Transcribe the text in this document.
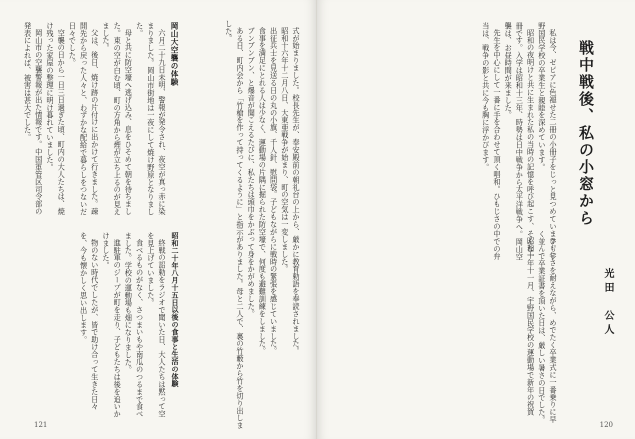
式が始まりました。校長先生が、奉安殿前の朝礼台の上から、厳かに教育勅語を奉読されました。

昭和十六年十二月八日、大東亜戦争が始まり、町の空気は一変しました。

出征兵士を見送る日の丸の小旗、千人針、慰問袋。子どもながらに戦時の緊張を感じていました。

食事を満足にとれる人は少なく、運動場の片隅に掘られた防空壕で、何度も避難訓練をしました。

ブンブンブン、と爆音が聞こえるたびに、私たちは頭巾をかぶって身をかがめました。

ある日、町内会から「竹槍を作って持ってくるように」と指示がありました。母と二人で、裏の竹藪から竹を切り出しました。

岡山大空襲の体験

六月二十九日未明、警報が発令され、夜空が真っ赤に染まりました。岡山市街地は一夜にして焼け野原となりました。

母と共に防空壕へ逃げ込み、息をひそめて朝を待ちました。東の空が白む頃、町の方角から煙が立ち上るのが見えました。

父は、後日、焼け跡の片付けに出かけて行きました。疎開先から戻った人々と、わずかな配給で暮らしをつないだ日々でした。

空襲の日から一日三日過ぎた頃、町内の大人たちは、焼け残った家屋の整理に明け暮れていました。

岡山市の空襲警報が出た情報です。中国軍管区司令部の発表によれば、被害は甚大でした。

昭和二十年八月十五日以後の食事と生活の体験

終戦の詔勅をラジオで聞いた日、大人たちは黙って空を見上げていました。

食べるものがなく、さつまいもや南瓜のつるまで食べました。学校の運動場も畑になりました。

進駐軍のジープが町を走り、子どもたちは後を追いかけました。

物のない時代でしたが、皆で助け合って生きた日々を、今も懐かしく思い出します。

121
戦中戦後、私の小窓から
光田　公人

私は今、ゼピアに色褪せた二冊の小冊子をじっと見つめています。宇野国民学校の卒業生と親睦を深めています。

昭和の夜明けと共に生まれた私の当時の記憶を呼び起こす、そんな一冊です。入学は昭和十三年、時勢は日中戦争から太平洋戦争へ。岡山空襲は、お昼時間が来ました。

先生を中心にして一番に手を合わせて頂く唱和。ひもじさの中での弁当は、戦争の影と共に今も胸に浮かびます。

ひもじさを耐えながら、めでたく卒業式に一番乗りに早く並んで卒業証書を頂いた日は、厳しい暑さの日でした。

昭和十年十一月、宇野国民学校の運動場で新年の祝賀

120
